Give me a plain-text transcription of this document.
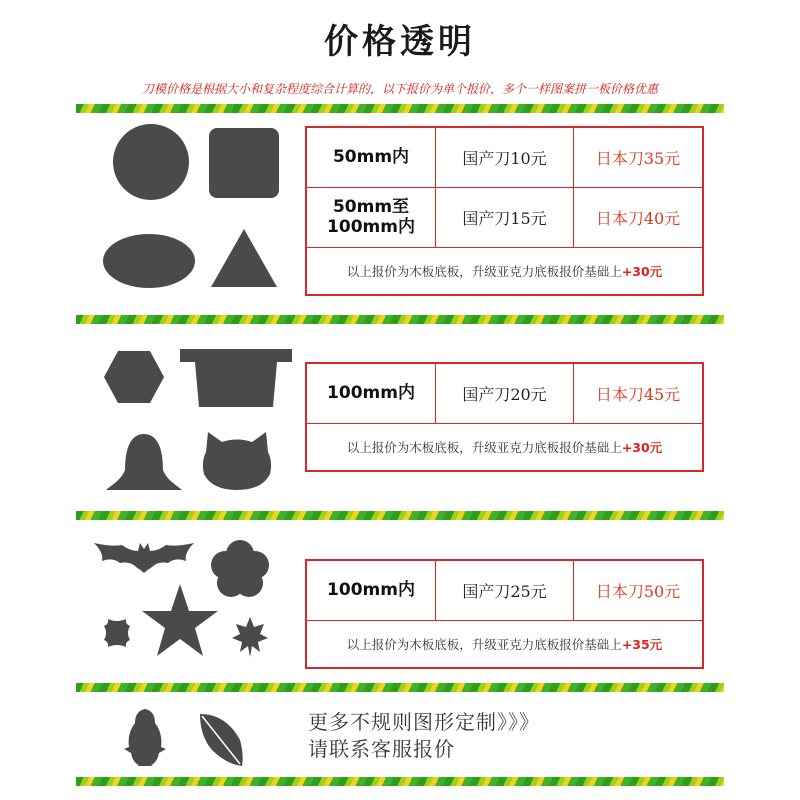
价格透明
刀模价格是根据大小和复杂程度综合计算的，以下报价为单个报价，多个一样图案拼一板价格优惠
50mm内	国产刀10元	日本刀35元
50mm至
100mm内	国产刀15元	日本刀40元
以上报价为木板底板，升级亚克力底板报价基础上+30元		
100mm内	国产刀20元	日本刀45元
以上报价为木板底板，升级亚克力底板报价基础上+30元
100mm内	国产刀25元	日本刀50元
以上报价为木板底板，升级亚克力底板报价基础上+35元
更多不规则图形定制》》》
请联系客服报价
